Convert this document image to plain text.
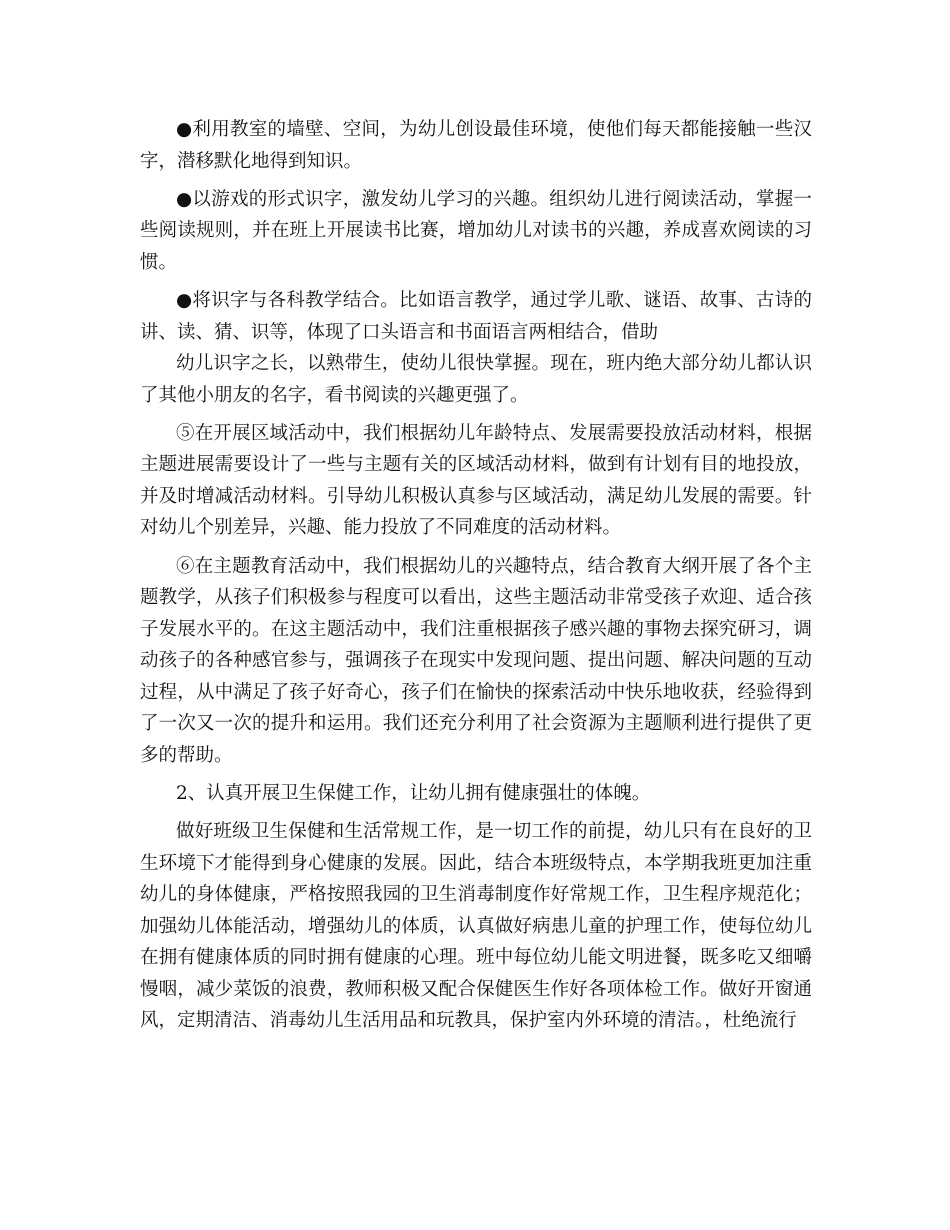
●利用教室的墙壁、空间，为幼儿创设最佳环境，使他们每天都能接触一些汉字，潜移默化地得到知识。

●以游戏的形式识字，激发幼儿学习的兴趣。组织幼儿进行阅读活动，掌握一些阅读规则，并在班上开展读书比赛，增加幼儿对读书的兴趣，养成喜欢阅读的习惯。

●将识字与各科教学结合。比如语言教学，通过学儿歌、谜语、故事、古诗的讲、读、猜、识等，体现了口头语言和书面语言两相结合，借助

幼儿识字之长，以熟带生，使幼儿很快掌握。现在，班内绝大部分幼儿都认识了其他小朋友的名字，看书阅读的兴趣更强了。

⑤在开展区域活动中，我们根据幼儿年龄特点、发展需要投放活动材料，根据主题进展需要设计了一些与主题有关的区域活动材料，做到有计划有目的地投放，并及时增减活动材料。引导幼儿积极认真参与区域活动，满足幼儿发展的需要。针对幼儿个别差异，兴趣、能力投放了不同难度的活动材料。

⑥在主题教育活动中，我们根据幼儿的兴趣特点，结合教育大纲开展了各个主题教学，从孩子们积极参与程度可以看出，这些主题活动非常受孩子欢迎、适合孩子发展水平的。在这主题活动中，我们注重根据孩子感兴趣的事物去探究研习，调动孩子的各种感官参与，强调孩子在现实中发现问题、提出问题、解决问题的互动过程，从中满足了孩子好奇心，孩子们在愉快的探索活动中快乐地收获，经验得到了一次又一次的提升和运用。我们还充分利用了社会资源为主题顺利进行提供了更多的帮助。

2、认真开展卫生保健工作，让幼儿拥有健康强壮的体魄。

做好班级卫生保健和生活常规工作，是一切工作的前提，幼儿只有在良好的卫生环境下才能得到身心健康的发展。因此，结合本班级特点，本学期我班更加注重幼儿的身体健康，严格按照我园的卫生消毒制度作好常规工作，卫生程序规范化；加强幼儿体能活动，增强幼儿的体质，认真做好病患儿童的护理工作，使每位幼儿在拥有健康体质的同时拥有健康的心理。班中每位幼儿能文明进餐，既多吃又细嚼慢咽，减少菜饭的浪费，教师积极又配合保健医生作好各项体检工作。做好开窗通风，定期清洁、消毒幼儿生活用品和玩教具，保护室内外环境的清洁。，杜绝流行
